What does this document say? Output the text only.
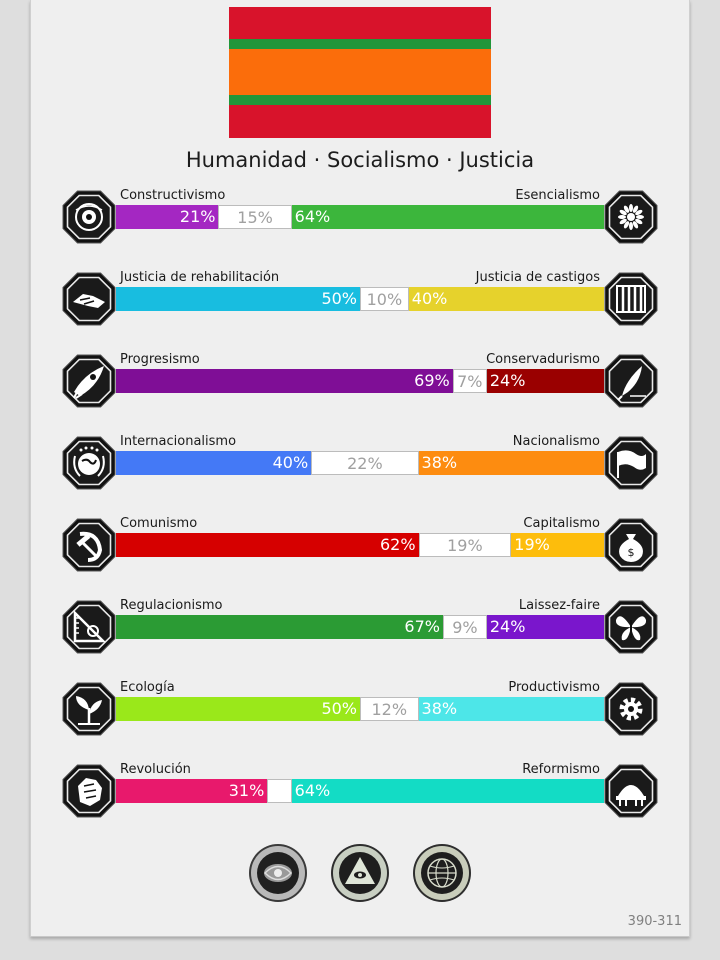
Humanidad · Socialismo · Justicia
Constructivismo	Esencialismo
21%	15%	64%
Justicia de rehabilitación	Justicia de castigos
50% 10% 40%
Progresismo	Conservadurismo
69% 7% 24%
Internacionalismo	Nacionalismo
40%	22%	38%
Comunismo	Capitalismo
62%	19%	19%	$
Regulacionismo	Laissez-faire
67% 9% 24%
Ecología	Productivismo
50% 12% 38%
Revolución	Reformismo
31% 64%
390-311
